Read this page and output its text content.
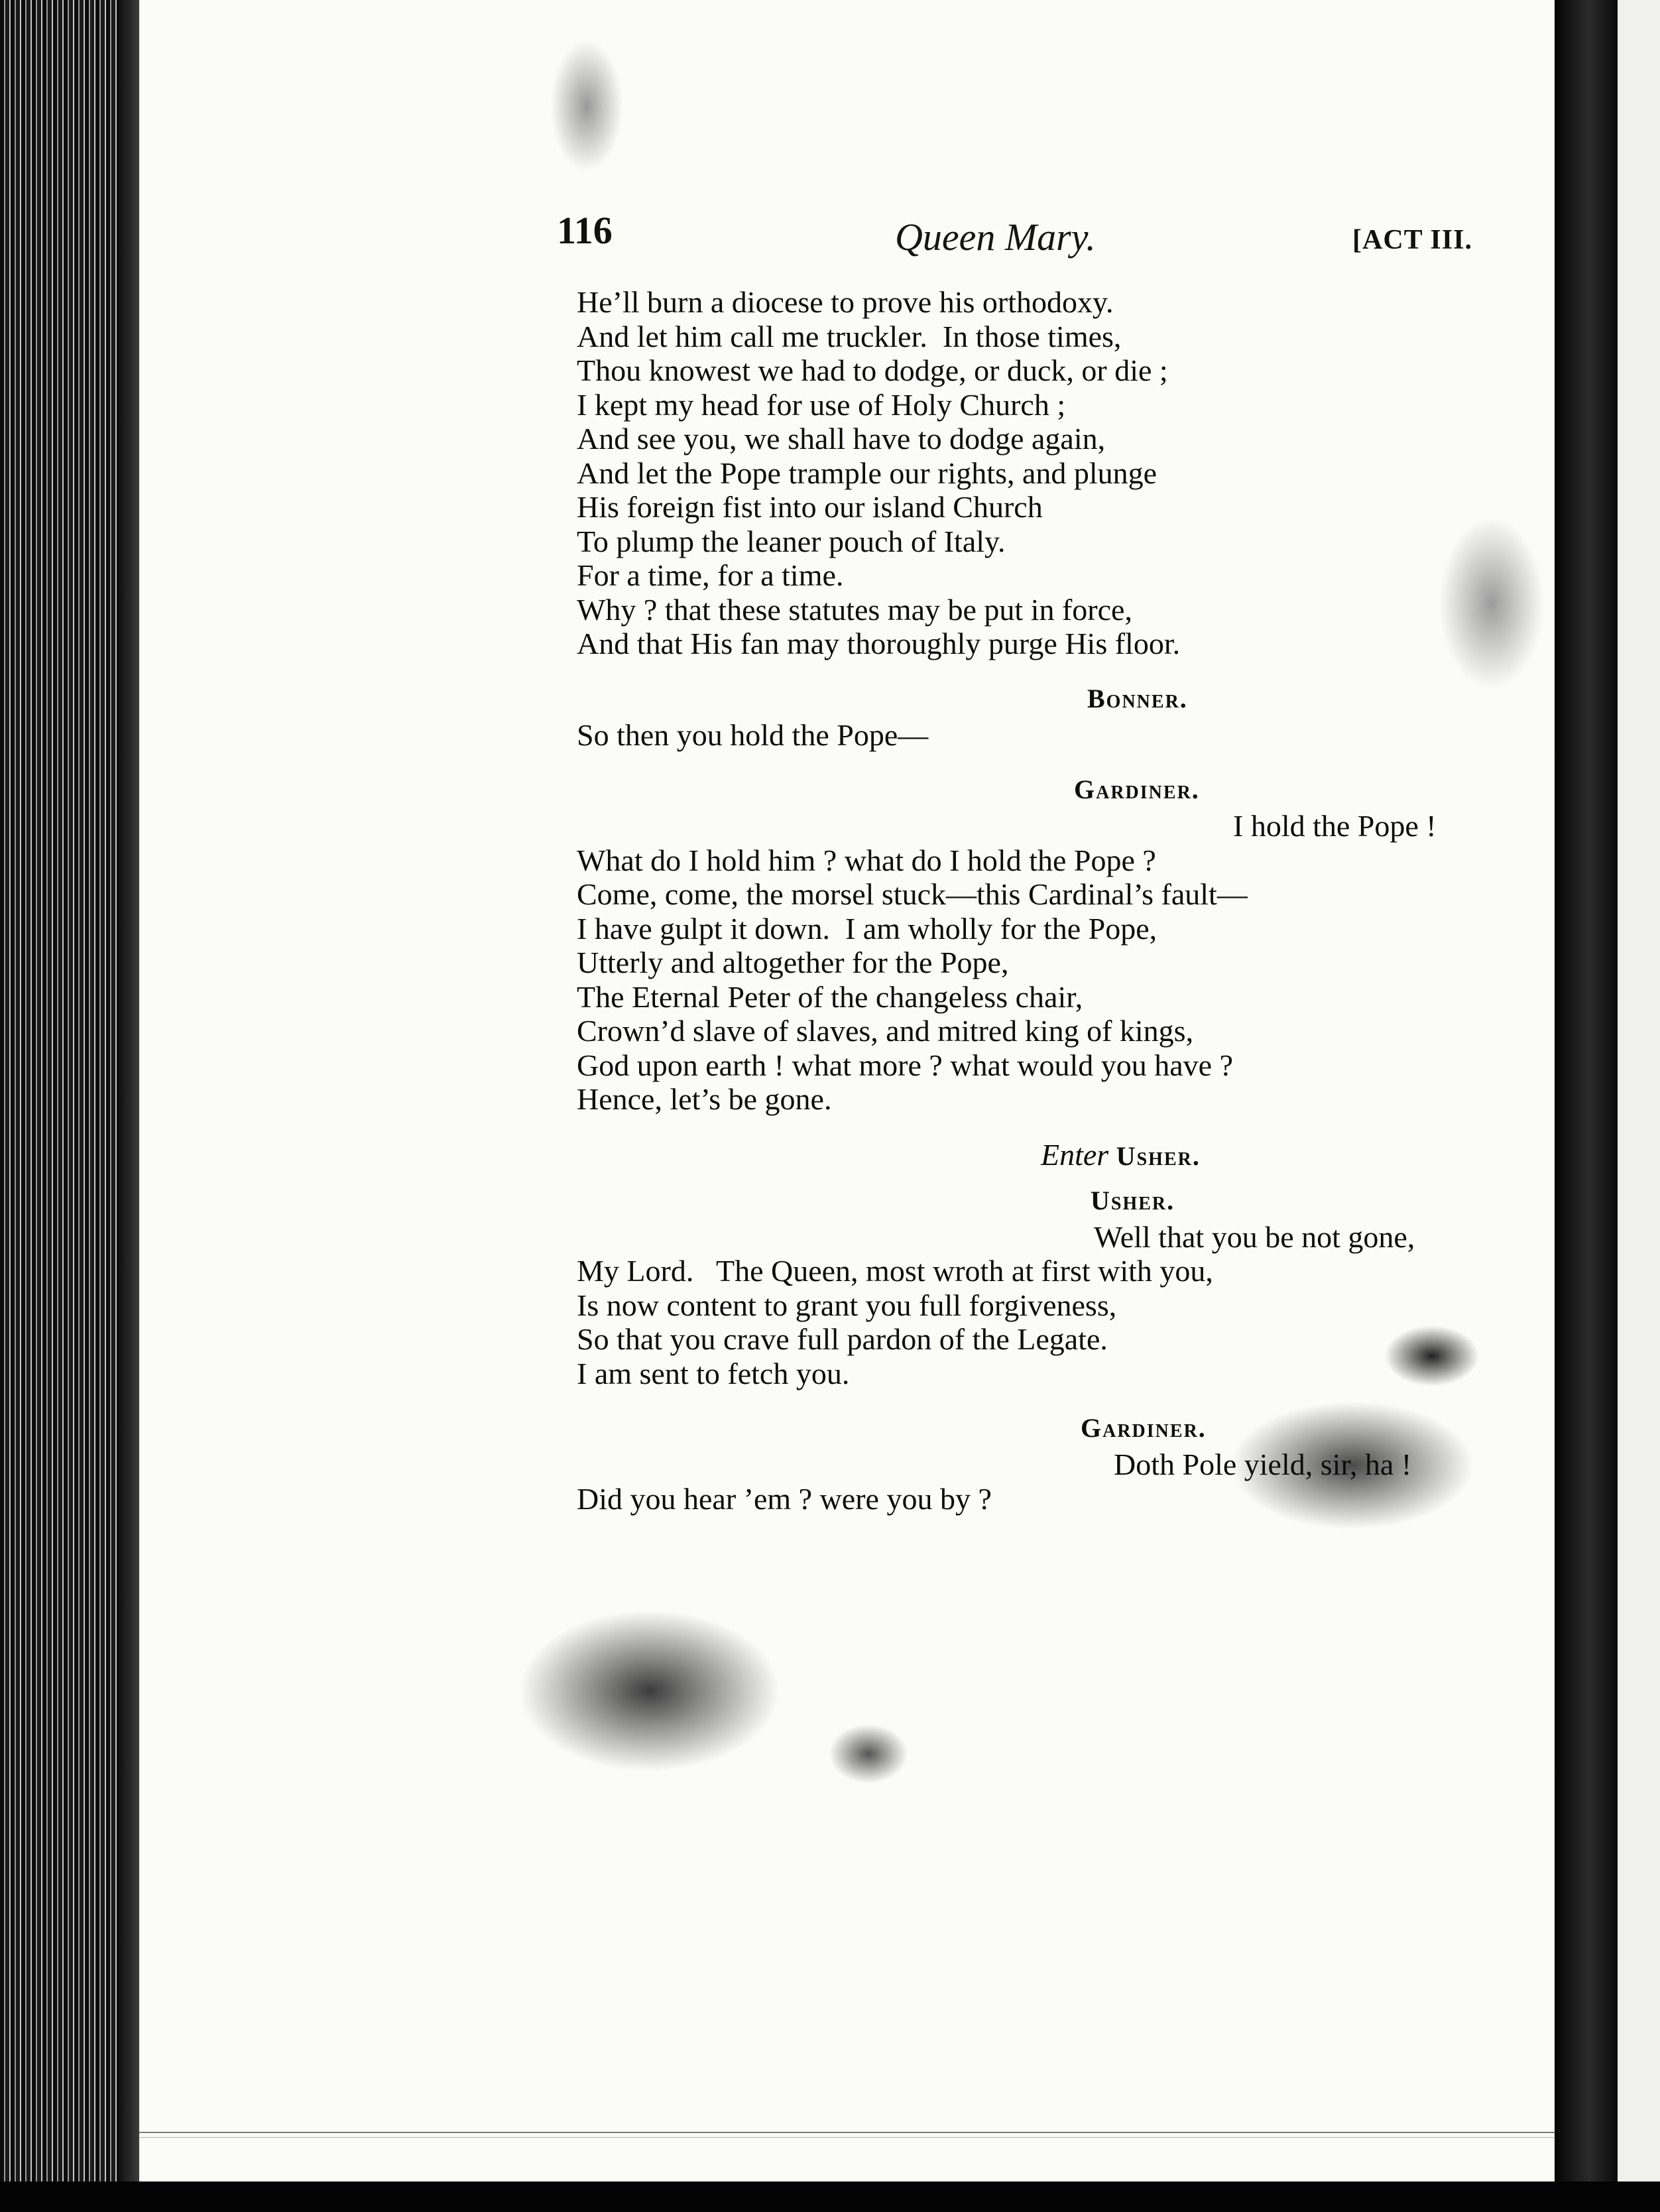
116	Queen Mary.	[ACT III.
He’ll burn a diocese to prove his orthodoxy.
And let him call me truckler.  In those times,
Thou knowest we had to dodge, or duck, or die ;
I kept my head for use of Holy Church ;
And see you, we shall have to dodge again,
And let the Pope trample our rights, and plunge
His foreign fist into our island Church
To plump the leaner pouch of Italy.
For a time, for a time.
Why ? that these statutes may be put in force,
And that His fan may thoroughly purge His floor.
Bonner.
So then you hold the Pope—
Gardiner.
I hold the Pope !
What do I hold him ? what do I hold the Pope ?
Come, come, the morsel stuck—this Cardinal’s fault—
I have gulpt it down.  I am wholly for the Pope,
Utterly and altogether for the Pope,
The Eternal Peter of the changeless chair,
Crown’d slave of slaves, and mitred king of kings,
God upon earth ! what more ? what would you have ?
Hence, let’s be gone.
Enter Usher.
Usher.
Well that you be not gone,
My Lord.   The Queen, most wroth at first with you,
Is now content to grant you full forgiveness,
So that you crave full pardon of the Legate.
I am sent to fetch you.
Gardiner.
Doth Pole yield, sir, ha !
Did you hear ’em ? were you by ?
